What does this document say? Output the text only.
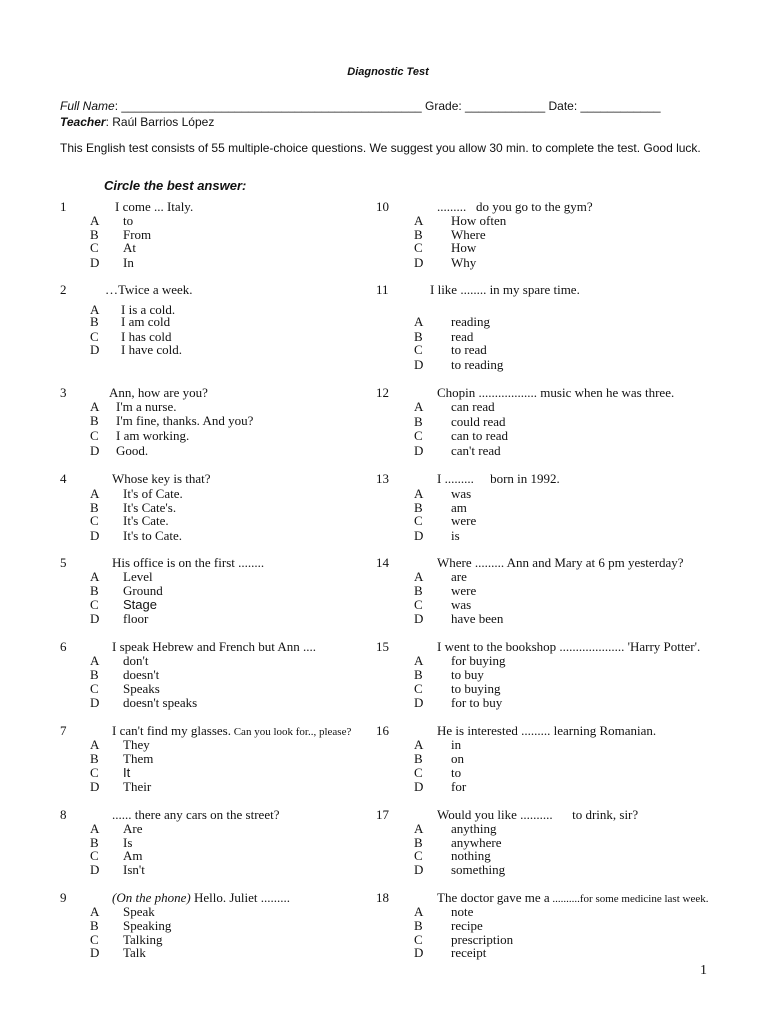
Diagnostic Test
Full Name: _____________________________________________ Grade: ____________ Date: ____________
Teacher: Raúl Barrios López
This English test consists of 55 multiple-choice questions. We suggest you allow 30 min. to complete the test. Good luck.
Circle the best answer:
1	I come ... Italy.
A to
B From
C At
D In
2	…Twice a week.
A I is a cold.
B I am cold
C I has cold
D I have cold.
3	Ann, how are you?
A I'm a nurse.
B I'm fine, thanks. And you?
C I am working.
D Good.
4	Whose key is that?
A It's of Cate.
B It's Cate's.
C It's Cate.
D It's to Cate.
5	His office is on the first ........
A Level
B Ground
C Stage
D floor
6	I speak Hebrew and French but Ann ....
A don't
B doesn't
C Speaks
D doesn't speaks
7	I can't find my glasses. Can you look for.., please?
A They
B Them
C It
D Their
8	...... there any cars on the street?
A Are
B Is
C Am
D Isn't
9	(On the phone) Hello. Juliet .........
A Speak
B Speaking
C Talking
D Talk
10	.........   do you go to the gym?
A How often
B Where
C How
D Why
11	I like ........ in my spare time.
A reading
B read
C to read
D to reading
12	Chopin .................. music when he was three.
A can read
B could read
C can to read
D can't read
13	I .........     born in 1992.
A was
B am
C were
D is
14	Where ......... Ann and Mary at 6 pm yesterday?
A are
B were
C was
D have been
15	I went to the bookshop .................... 'Harry Potter'.
A for buying
B to buy
C to buying
D for to buy
16	He is interested ......... learning Romanian.
A in
B on
C to
D for
17	Would you like ..........      to drink, sir?
A anything
B anywhere
C nothing
D something
18	The doctor gave me a ..........for some medicine last week.
A note
B recipe
C prescription
D receipt
1
